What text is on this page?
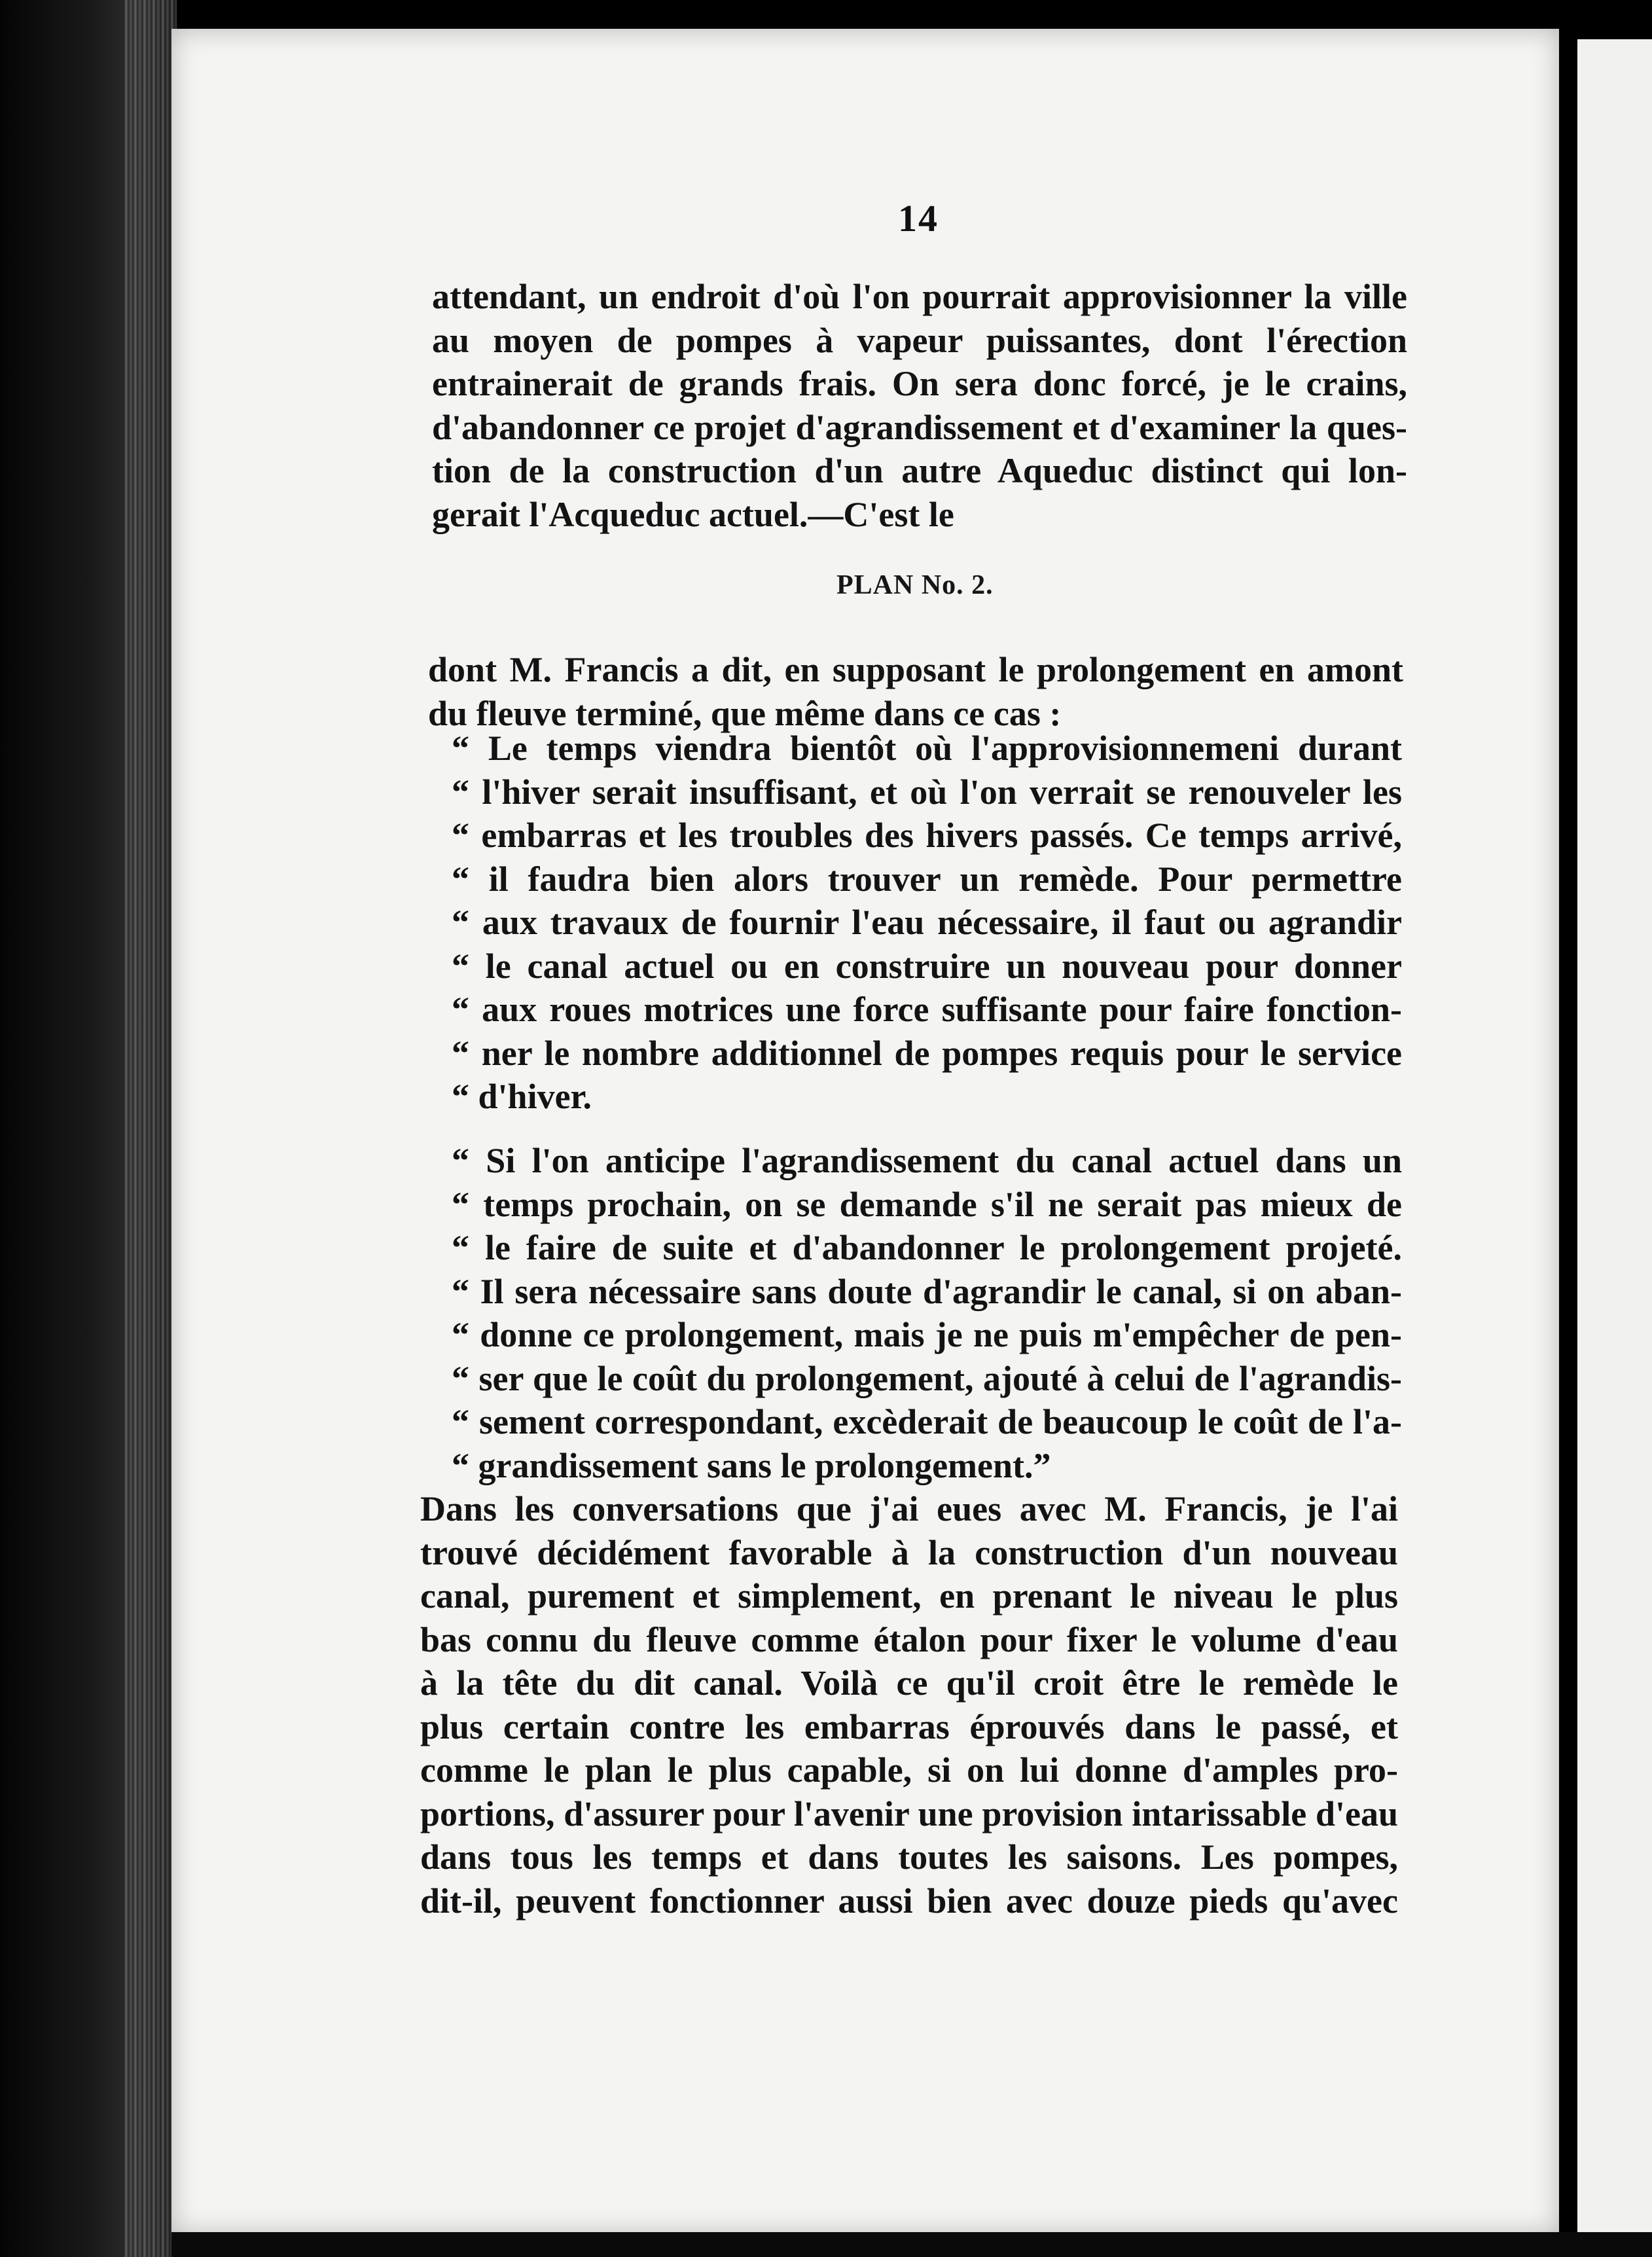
14
attendant, un endroit d'où l'on pourrait approvisionner la ville
au moyen de pompes à vapeur puissantes, dont l'érection
entrainerait de grands frais. On sera donc forcé, je le crains,
d'abandonner ce projet d'agrandissement et d'examiner la ques-
tion de la construction d'un autre Aqueduc distinct qui lon-
gerait l'Acqueduc actuel.—C'est le
PLAN No. 2.
dont M. Francis a dit, en supposant le prolongement en amont
du fleuve terminé, que même dans ce cas :
“ Le temps viendra bientôt où l'approvisionnemeni durant
“ l'hiver serait insuffisant, et où l'on verrait se renouveler les
“ embarras et les troubles des hivers passés. Ce temps arrivé,
“ il faudra bien alors trouver un remède. Pour permettre
“ aux travaux de fournir l'eau nécessaire, il faut ou agrandir
“ le canal actuel ou en construire un nouveau pour donner
“ aux roues motrices une force suffisante pour faire fonction-
“ ner le nombre additionnel de pompes requis pour le service
“ d'hiver.
“ Si l'on anticipe l'agrandissement du canal actuel dans un
“ temps prochain, on se demande s'il ne serait pas mieux de
“ le faire de suite et d'abandonner le prolongement projeté.
“ Il sera nécessaire sans doute d'agrandir le canal, si on aban-
“ donne ce prolongement, mais je ne puis m'empêcher de pen-
“ ser que le coût du prolongement, ajouté à celui de l'agrandis-
“ sement correspondant, excèderait de beaucoup le coût de l'a-
“ grandissement sans le prolongement.”
Dans les conversations que j'ai eues avec M. Francis, je l'ai
trouvé décidément favorable à la construction d'un nouveau
canal, purement et simplement, en prenant le niveau le plus
bas connu du fleuve comme étalon pour fixer le volume d'eau
à la tête du dit canal. Voilà ce qu'il croit être le remède le
plus certain contre les embarras éprouvés dans le passé, et
comme le plan le plus capable, si on lui donne d'amples pro-
portions, d'assurer pour l'avenir une provision intarissable d'eau
dans tous les temps et dans toutes les saisons. Les pompes,
dit-il, peuvent fonctionner aussi bien avec douze pieds qu'avec
